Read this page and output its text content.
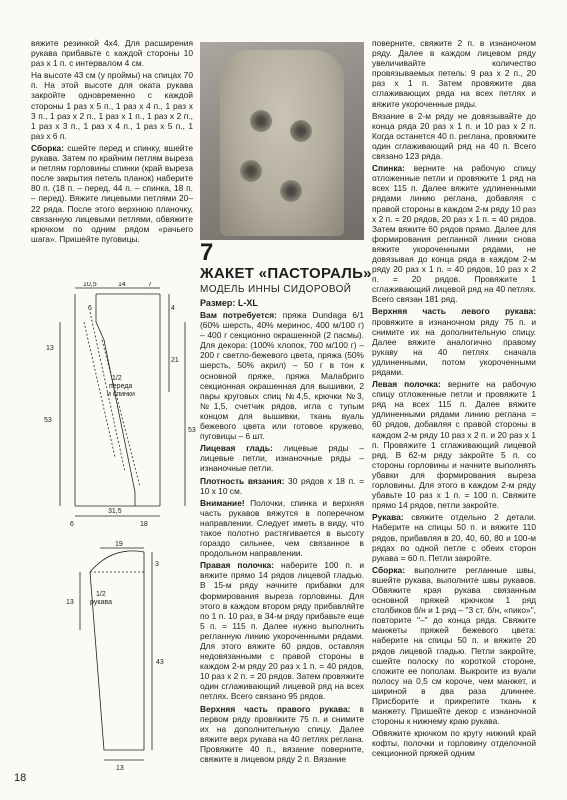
вяжите резинкой 4х4. Для расширения рукава прибавьте с каждой стороны 10 раз х 1 п. с интервалом 4 см.

На высоте 43 см (у проймы) на спицах 70 п. На этой высоте для оката рукава закройте одновременно с каждой стороны 1 раз х 5 п., 1 раз х 4 п., 1 раз х 3 п., 1 раз х 2 п., 1 раз х 1 п., 1 раз х 2 п., 1 раз х 3 п., 1 раз х 4 п., 1 раз х 5 п., 1 раз х 6 п.

Сборка: сшейте перед и спинку, вшейте рукава. Затем по крайним петлям выреза и петлям горловины спинки (край выреза после закрытия петель планок) наберите 80 п. (18 п. – перед, 44 п. – спинка, 18 п. – перед). Вяжите лицевыми петлями 20–22 ряда. После этого верхнюю планочку, связанную лицевыми петлями, обвяжите крючком по одним рядом «рачьего шага». Пришейте пуговицы.

10,5	14	7
6	4
21
13
1/2
переда
и спинки
53
53
31,5
6	18
19
3
13
1/2
рукава
43
13
7
ЖАКЕТ «ПАСТОРАЛЬ»
МОДЕЛЬ ИННЫ СИДОРОВОЙ
Размер: L-XL

Вам потребуется: пряжа Dundaga 6/1 (60% шерсть, 40% меринос, 400 м/100 г) – 400 г секционно окрашенной (2 пасмы). Для декора: (100% хлопок, 700 м/100 г) – 200 г светло-бежевого цвета, пряжа (50% шерсть, 50% акрил) – 50 г в тон к основной пряже, пряжа Малабриго секционная окрашенная для вышивки, 2 пары круговых спиц №4,5, крючки №3, №1,5, счетчик рядов, игла с тупым концом для вышивки, ткань вуаль бежевого цвета или готовое кружево, пуговицы – 6 шт.

Лицевая гладь: лицевые ряды – лицевые петли, изнаночные ряды – изнаночные петли.

Плотность вязания: 30 рядов х 18 п. = 10 х 10 см.

Внимание! Полочки, спинка и верхняя часть рукавов вяжутся в поперечном направлении. Следует иметь в виду, что такое полотно растягивается в высоту гораздо сильнее, чем связанное в продольном направлении.

Правая полочка: наберите 100 п. и вяжите прямо 14 рядов лицевой гладью. В 15-м ряду начните прибавки для формирования выреза горловины. Для этого в каждом втором ряду прибавляйте по 1 п. 10 раз, в 34-м ряду прибавьте еще 5 п. = 115 п. Далее нужно выполнить регланную линию укороченными рядами. Для этого вяжите 60 рядов, оставляя недовязанными с правой стороны в каждом 2-м ряду 20 раз х 1 п. = 40 рядов, 10 раз х 2 п. = 20 рядов. Затем провяжите один сглаживающий лицевой ряд на всех петлях. Всего связано 95 рядов.

Верхняя часть правого рукава: в первом ряду провяжите 75 п. и снимите их на дополнительную спицу. Далее вяжите верх рукава на 40 петлях реглана. Провяжите 40 п., вязание поверните, свяжите в лицевом ряду 2 п. Вязание

поверните, свяжите 2 п. в изнаночном ряду. Далее в каждом лицевом ряду увеличивайте количество провязываемых петель: 9 раз х 2 п., 20 раз х 1 п. Затем провяжите два сглаживающих ряда на всех петлях и вяжите укороченные ряды.

Вязание в 2-м ряду не довязывайте до конца ряда 20 раз х 1 п. и 10 раз х 2 п. Когда останется 40 п. реглана, провяжите один сглаживающий ряд на 40 п. Всего связано 123 ряда.

Спинка: верните на рабочую спицу отложенные петли и провяжите 1 ряд на всех 115 п. Далее вяжите удлиненными рядами линию реглана, добавляя с правой стороны в каждом 2-м ряду 10 раз х 2 п. = 20 рядов, 20 раз х 1 п. = 40 рядов. Затем вяжите 60 рядов прямо. Далее для формирования регланной линии снова вяжите укороченными рядами, не довязывая до конца ряда в каждом 2-м ряду 20 раз х 1 п. = 40 рядов, 10 раз х 2 п. = 20 рядов. Провяжите 1 сглаживающий лицевой ряд на 40 петлях. Всего связан 181 ряд.

Верхняя часть левого рукава: провяжите в изнаночном ряду 75 п. и снимите их на дополнительную спицу. Далее вяжите аналогично правому рукаву на 40 петлях сначала удлиненными, потом укороченными рядами.

Левая полочка: верните на рабочую спицу отложенные петли и провяжите 1 ряд на всех 115 п. Далее вяжите удлиненными рядами линию реглана = 60 рядов, добавляя с правой стороны в каждом 2-м ряду 10 раз х 2 п. и 20 раз х 1 п. Провяжите 1 сглаживающий лицевой ряд. В 62-м ряду закройте 5 п. со стороны горловины и начните выполнять убавки для формирования выреза горловины. Для этого в каждом 2-м ряду убавьте 10 раз х 1 п. = 100 п. Свяжите прямо 14 рядов, петли закройте.

Рукава: свяжите отдельно 2 детали. Наберите на спицы 50 п. и вяжите 110 рядов, прибавляя в 20, 40, 60, 80 и 100-м рядах по одной петле с обеих сторон рукава = 60 п. Петли закройте.

Сборка: выполните регланные швы, вшейте рукава, выполните швы рукавов. Обвяжите края рукава связанным основной пряжей крючком 1 ряд столбиков б/н и 1 ряд – "3 ст. б/н, «пико»", повторите "–" до конца ряда. Свяжите манжеты пряжей бежевого цвета: наберите на спицы 50 п. и вяжите 20 рядов лицевой гладью. Петли закройте, сшейте полоску по короткой стороне, сложите ее пополам. Выкроите из вуали полосу на 0,5 см короче, чем манжет, и шириной в два раза длиннее. Присборите и прикрепите ткань к манжету. Пришейте декор с изнаночной стороны к нижнему краю рукава.

Обвяжите крючком по кругу нижний край кофты, полочки и горловину отделочной секционной пряжей одним

18
